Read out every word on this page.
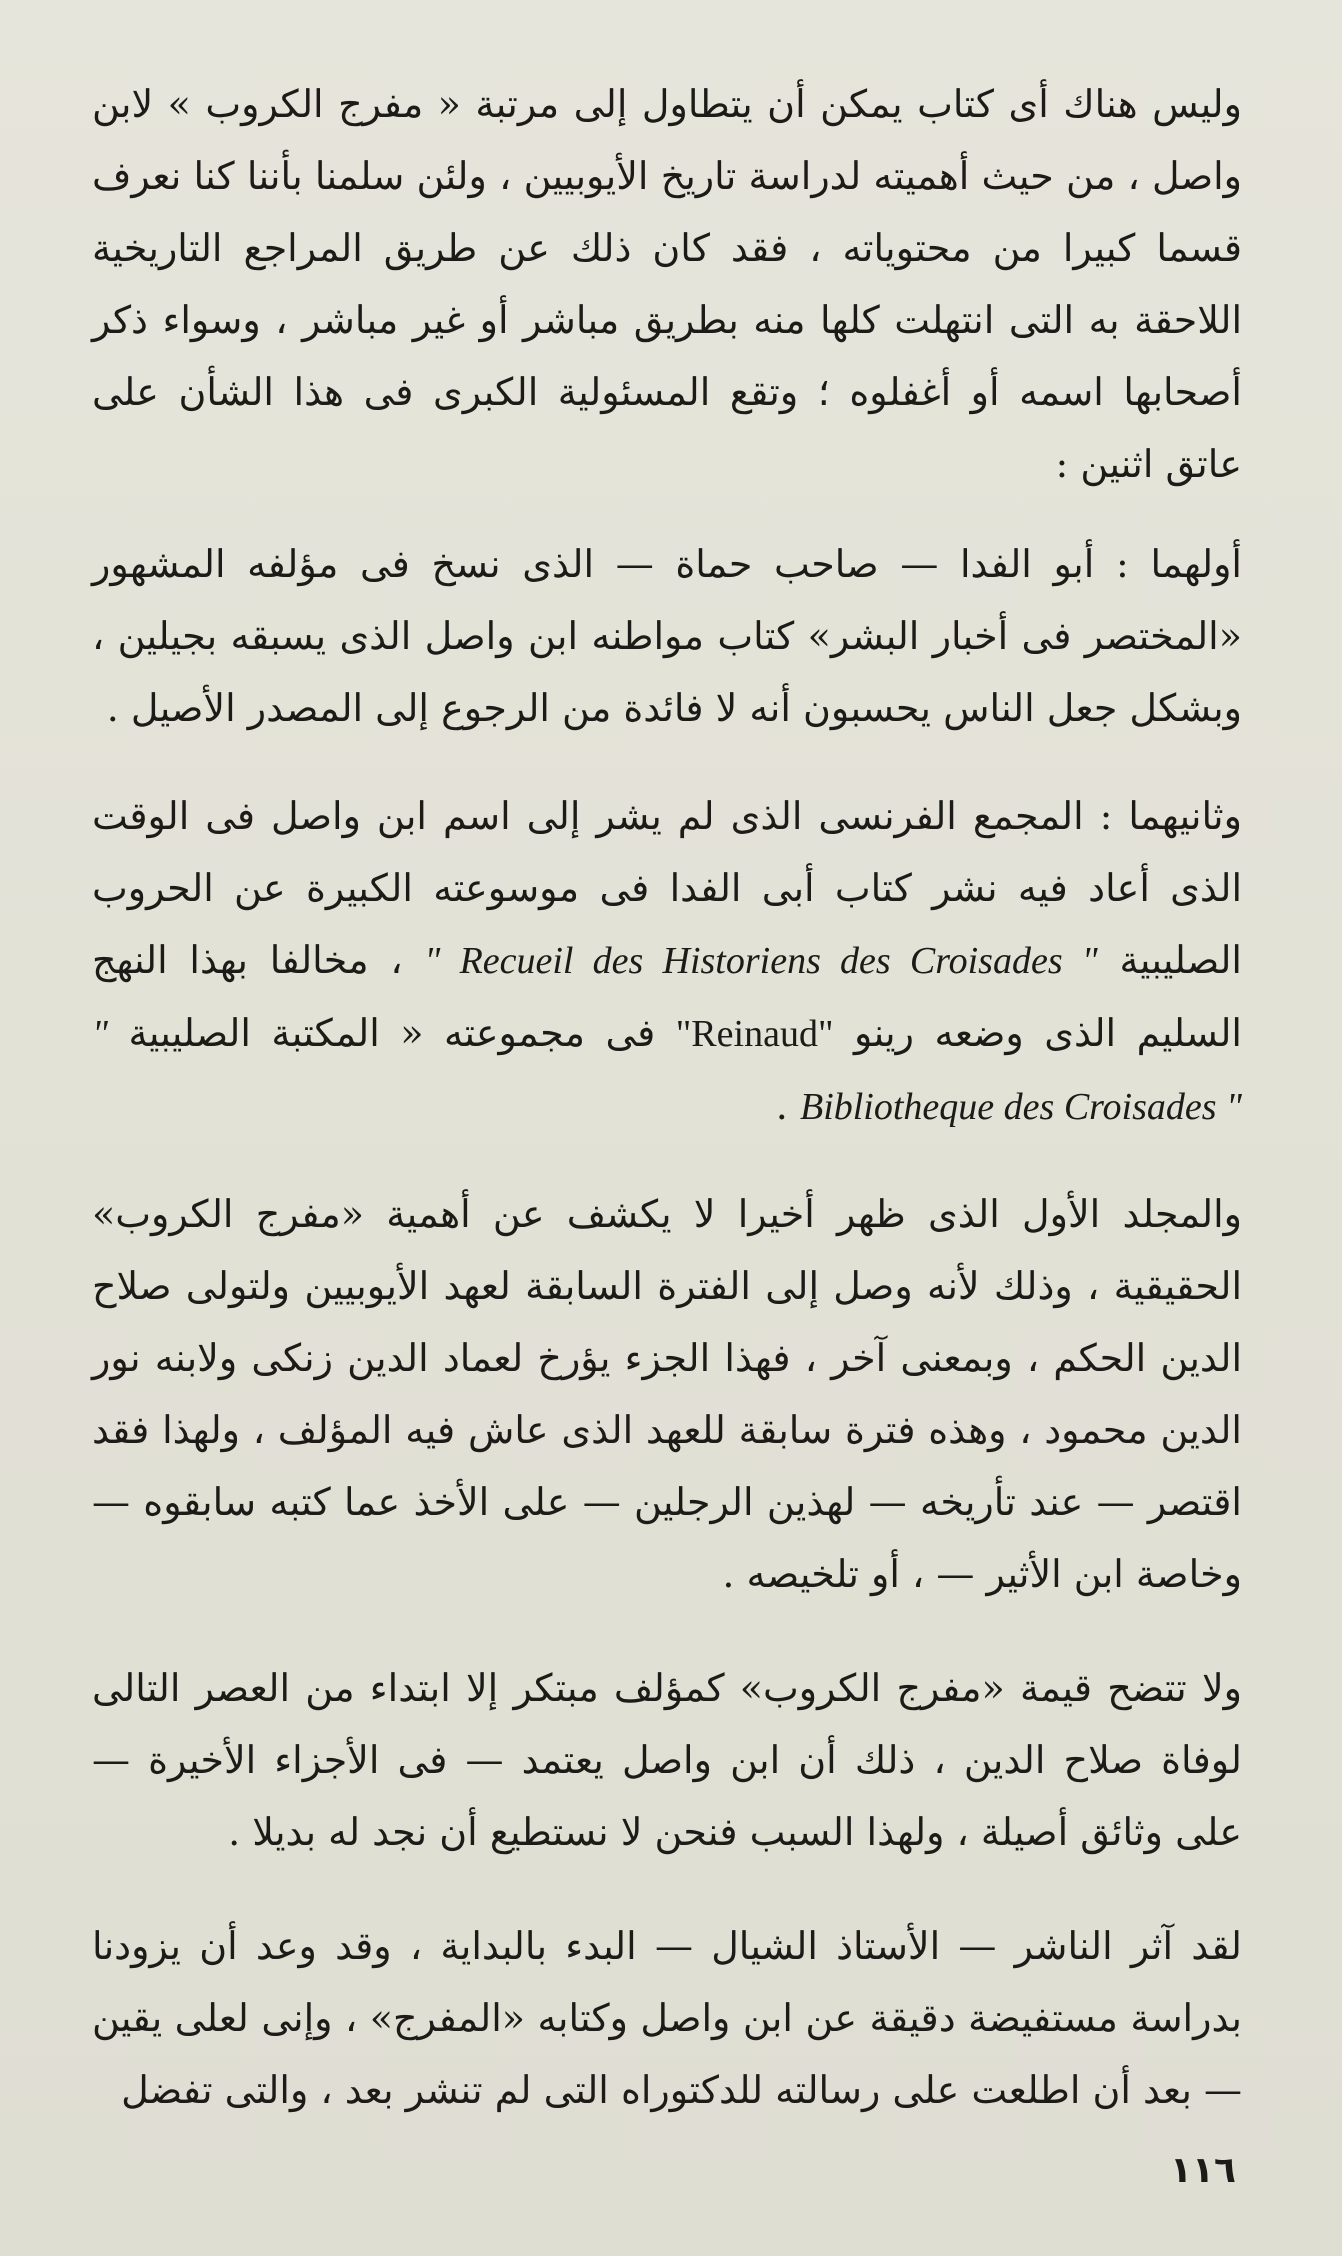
وليس هناك أى كتاب يمكن أن يتطاول إلى مرتبة « مفرج الكروب » لابن واصل ، من حيث أهميته لدراسة تاريخ الأيوبيين ، ولئن سلمنا بأننا كنا نعرف قسما كبيرا من محتوياته ، فقد كان ذلك عن طريق المراجع التاريخية اللاحقة به التى انتهلت كلها منه بطريق مباشر أو غير مباشر ، وسواء ذكر أصحابها اسمه أو أغفلوه ؛ وتقع المسئولية الكبرى فى هذا الشأن على عاتق اثنين :

أولهما : أبو الفدا — صاحب حماة — الذى نسخ فى مؤلفه المشهور «المختصر فى أخبار البشر» كتاب مواطنه ابن واصل الذى يسبقه بجيلين ، وبشكل جعل الناس يحسبون أنه لا فائدة من الرجوع إلى المصدر الأصيل .

وثانيهما : المجمع الفرنسى الذى لم يشر إلى اسم ابن واصل فى الوقت الذى أعاد فيه نشر كتاب أبى الفدا فى موسوعته الكبيرة عن الحروب الصليبية " Recueil des Historiens des Croisades " ، مخالفا بهذا النهج السليم الذى وضعه رينو "Reinaud" فى مجموعته « المكتبة الصليبية " Bibliotheque des Croisades " .

والمجلد الأول الذى ظهر أخيرا لا يكشف عن أهمية «مفرج الكروب» الحقيقية ، وذلك لأنه وصل إلى الفترة السابقة لعهد الأيوبيين ولتولى صلاح الدين الحكم ، وبمعنى آخر ، فهذا الجزء يؤرخ لعماد الدين زنكى ولابنه نور الدين محمود ، وهذه فترة سابقة للعهد الذى عاش فيه المؤلف ، ولهذا فقد اقتصر — عند تأريخه — لهذين الرجلين — على الأخذ عما كتبه سابقوه — وخاصة ابن الأثير — ، أو تلخيصه .

ولا تتضح قيمة «مفرج الكروب» كمؤلف مبتكر إلا ابتداء من العصر التالى لوفاة صلاح الدين ، ذلك أن ابن واصل يعتمد — فى الأجزاء الأخيرة — على وثائق أصيلة ، ولهذا السبب فنحن لا نستطيع أن نجد له بديلا .

لقد آثر الناشر — الأستاذ الشيال — البدء بالبداية ، وقد وعد أن يزودنا بدراسة مستفيضة دقيقة عن ابن واصل وكتابه «المفرج» ، وإنى لعلى يقين — بعد أن اطلعت على رسالته للدكتوراه التى لم تنشر بعد ، والتى تفضل

١١٦
